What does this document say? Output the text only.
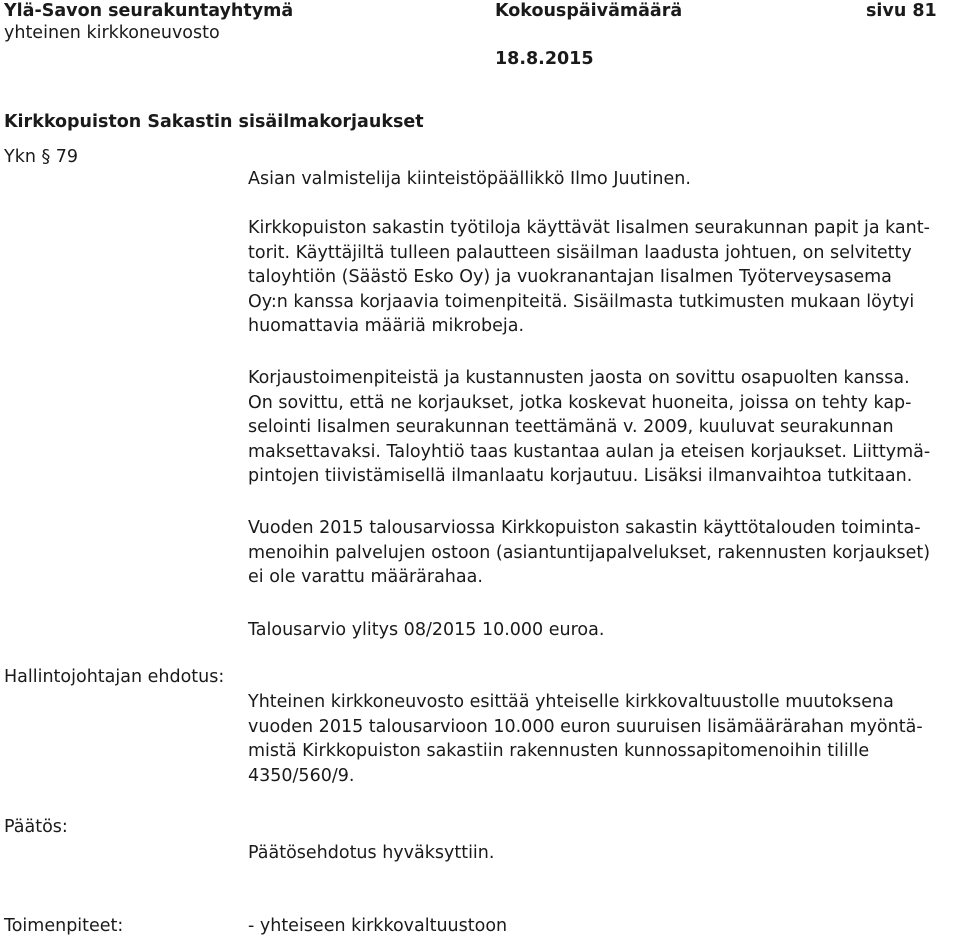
Ylä-Savon seurakuntayhtymä
yhteinen kirkkoneuvosto
Kokouspäivämäärä
18.8.2015
sivu 81
Kirkkopuiston Sakastin sisäilmakorjaukset
Ykn § 79
Asian valmistelija kiinteistöpäällikkö Ilmo Juutinen.
Kirkkopuiston sakastin työtiloja käyttävät Iisalmen seurakunnan papit ja kant-
torit. Käyttäjiltä tulleen palautteen sisäilman laadusta johtuen, on selvitetty
taloyhtiön (Säästö Esko Oy) ja vuokranantajan Iisalmen Työterveysasema
Oy:n kanssa korjaavia toimenpiteitä. Sisäilmasta tutkimusten mukaan löytyi
huomattavia määriä mikrobeja.
Korjaustoimenpiteistä ja kustannusten jaosta on sovittu osapuolten kanssa.
On sovittu, että ne korjaukset, jotka koskevat huoneita, joissa on tehty kap-
selointi Iisalmen seurakunnan teettämänä v. 2009, kuuluvat seurakunnan
maksettavaksi. Taloyhtiö taas kustantaa aulan ja eteisen korjaukset. Liittymä-
pintojen tiivistämisellä ilmanlaatu korjautuu. Lisäksi ilmanvaihtoa tutkitaan.
Vuoden 2015 talousarviossa Kirkkopuiston sakastin käyttötalouden toiminta-
menoihin palvelujen ostoon (asiantuntijapalvelukset, rakennusten korjaukset)
ei ole varattu määrärahaa.
Talousarvio ylitys 08/2015 10.000 euroa.
Hallintojohtajan ehdotus:
Yhteinen kirkkoneuvosto esittää yhteiselle kirkkovaltuustolle muutoksena
vuoden 2015 talousarvioon 10.000 euron suuruisen lisämäärärahan myöntä-
mistä Kirkkopuiston sakastiin rakennusten kunnossapitomenoihin tilille
4350/560/9.
Päätös:
Päätösehdotus hyväksyttiin.
Toimenpiteet:	- yhteiseen kirkkovaltuustoon
